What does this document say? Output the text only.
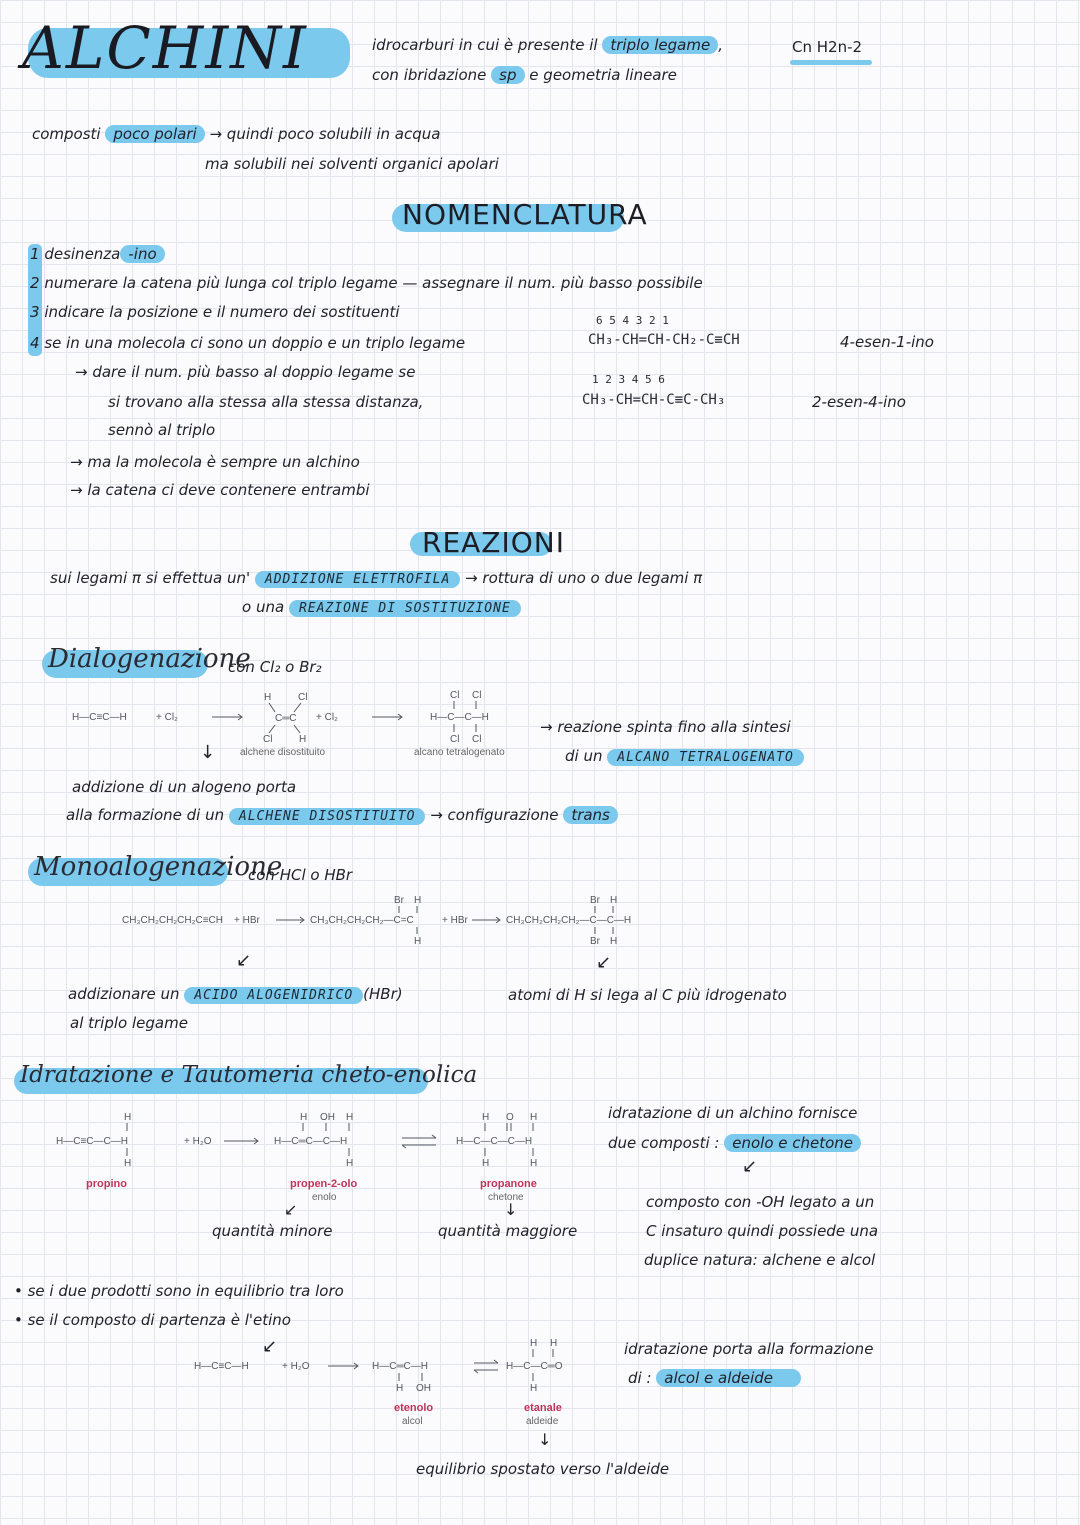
ALCHINI	idrocarburi in cui è presente il triplo legame ,
con ibridazione sp e geometria lineare
Cn H2n-2
composti poco polari → quindi poco solubili in acqua
ma solubili nei solventi organici apolari
NOMENCLATURA
1 desinenza -ino
2 numerare la catena più lunga col triplo legame — assegnare il num. più basso possibile
3 indicare la posizione e il numero dei sostituenti
4 se in una molecola ci sono un doppio e un triplo legame
→ dare il num. più basso al doppio legame se
si trovano alla stessa alla stessa distanza,
sennò al triplo
→ ma la molecola è sempre un alchino
→ la catena ci deve contenere entrambi
6 5 4 3 2 1
CH₃-CH=CH-CH₂-C≡CH	4-esen-1-ino
1 2 3 4 5 6
CH₃-CH=CH-C≡C-CH₃	2-esen-4-ino
REAZIONI
sui legami π si effettua un' ADDIZIONE ELETTROFILA → rottura di uno o due legami π
o una REAZIONE DI SOSTITUZIONE
Dialogenazione
con Cl₂ o Br₂
H—C≡C—H	+ Cl₂
H	Cl
C═C
Cl	H
+ Cl₂
Cl Cl
H—C—C—H
Cl Cl
alchene disostituito	alcano tetralogenato
↓
→ reazione spinta fino alla sintesi
di un ALCANO TETRALOGENATO
addizione di un alogeno porta
alla formazione di un ALCHENE DISOSTITUITO → configurazione trans
Monoalogenazione
con HCl o HBr
CH₃CH₂CH₂CH₂C≡CH + HBr
Br H
CH₃CH₂CH₂CH₂—C=C
H
+ HBr
Br H
CH₃CH₂CH₂CH₂—C—C—H
Br H
↙	↙
addizionare un ACIDO ALOGENIDRICO (HBr)
al triplo legame
atomi di H si lega al C più idrogenato
Idratazione e Tautomeria cheto-enolica
H
H—C≡C—C—H
H
+ H₂O
H OH H
H—C═C—C—H
H
H O H
H—C—C—C—H
H	H
propino	propen-2-olo
enolo
propanone
chetone
↙
quantità minore
↓
quantità maggiore
idratazione di un alchino fornisce
due composti : enolo e chetone
↙
composto con -OH legato a un
C insaturo quindi possiede una
duplice natura: alchene e alcol
• se i due prodotti sono in equilibrio tra loro
• se il composto di partenza è l'etino
↙
H—C≡C—H	+ H₂O	H—C═C—H
H OH
H H
H—C—C═O
H
etenolo
alcol
etanale
aldeide
idratazione porta alla formazione
di : alcol e aldeide
↓
equilibrio spostato verso l'aldeide
